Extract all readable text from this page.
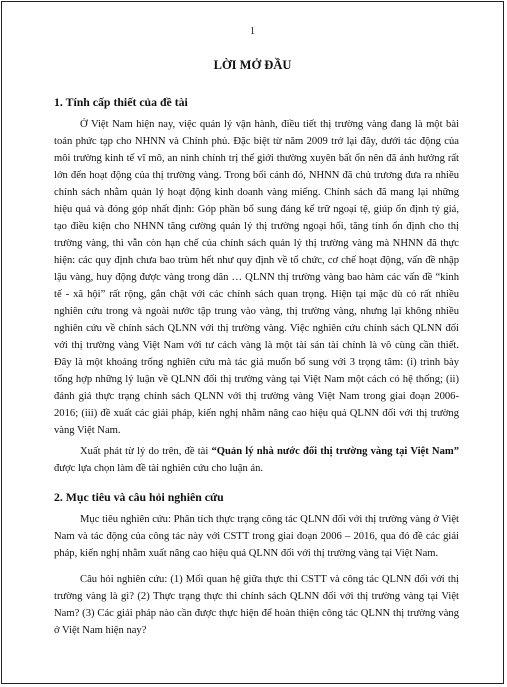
1
LỜI MỞ ĐẦU
1. Tính cấp thiết của đề tài

Ở Việt Nam hiện nay, việc quản lý vận hành, điều tiết thị trường vàng đang là một bài toán phức tạp cho NHNN và Chính phủ. Đặc biệt từ năm 2009 trở lại đây, dưới tác động của môi trường kinh tế vĩ mô, an ninh chính trị thế giới thường xuyên bất ổn nên đã ảnh hưởng rất lớn đến hoạt động của thị trường vàng. Trong bối cảnh đó, NHNN đã chủ trương đưa ra nhiều chính sách nhằm quản lý hoạt động kinh doanh vàng miếng. Chính sách đã mang lại những hiệu quả và đóng góp nhất định: Góp phần bổ sung đáng kể trữ ngoại tệ, giúp ổn định tỷ giá, tạo điều kiện cho NHNN tăng cường quản lý thị trường ngoại hối, tăng tính ổn định cho thị trường vàng, thì vẫn còn hạn chế của chính sách quản lý thị trường vàng mà NHNN đã thực hiện: các quy định chưa bao trùm hết như quy định về tổ chức, cơ chế hoạt động, vấn đề nhập lậu vàng, huy động được vàng trong dân … QLNN thị trường vàng bao hàm các vấn đề “kinh tế - xã hội” rất rộng, gắn chặt với các chính sách quan trọng. Hiện tại mặc dù có rất nhiều nghiên cứu trong và ngoài nước tập trung vào vàng, thị trường vàng, nhưng lại không nhiều nghiên cứu về chính sách QLNN với thị trường vàng. Việc nghiên cứu chính sách QLNN đối với thị trường vàng Việt Nam với tư cách vàng là một tài sản tài chính là vô cùng cần thiết. Đây là một khoảng trống nghiên cứu mà tác giả muốn bổ sung với 3 trọng tâm: (i) trình bày tổng hợp những lý luận về QLNN đối thị trường vàng tại Việt Nam một cách có hệ thống; (ii) đánh giá thực trạng chính sách QLNN với thị trường vàng Việt Nam trong giai đoạn 2006-2016; (iii) đề xuất các giải pháp, kiến nghị nhằm nâng cao hiệu quả QLNN đối với thị trường vàng Việt Nam.

Xuất phát từ lý do trên, đề tài “Quản lý nhà nước đối thị trường vàng tại Việt Nam” được lựa chọn làm đề tài nghiên cứu cho luận án.

2. Mục tiêu và câu hỏi nghiên cứu

Mục tiêu nghiên cứu: Phân tích thực trạng công tác QLNN đối với thị trường vàng ở Việt Nam và tác động của công tác này với CSTT trong giai đoạn 2006 – 2016, qua đó đề các giải pháp, kiến nghị nhằm xuất nâng cao hiệu quả QLNN đối với thị trường vàng tại Việt Nam.

Câu hỏi nghiên cứu: (1) Mối quan hệ giữa thực thi CSTT và công tác QLNN đối với thị trường vàng là gì? (2) Thực trạng thực thi chính sách QLNN đối với thị trường vàng tại Việt Nam? (3) Các giải pháp nào cần được thực hiện để hoàn thiện công tác QLNN thị trường vàng ở Việt Nam hiện nay?
